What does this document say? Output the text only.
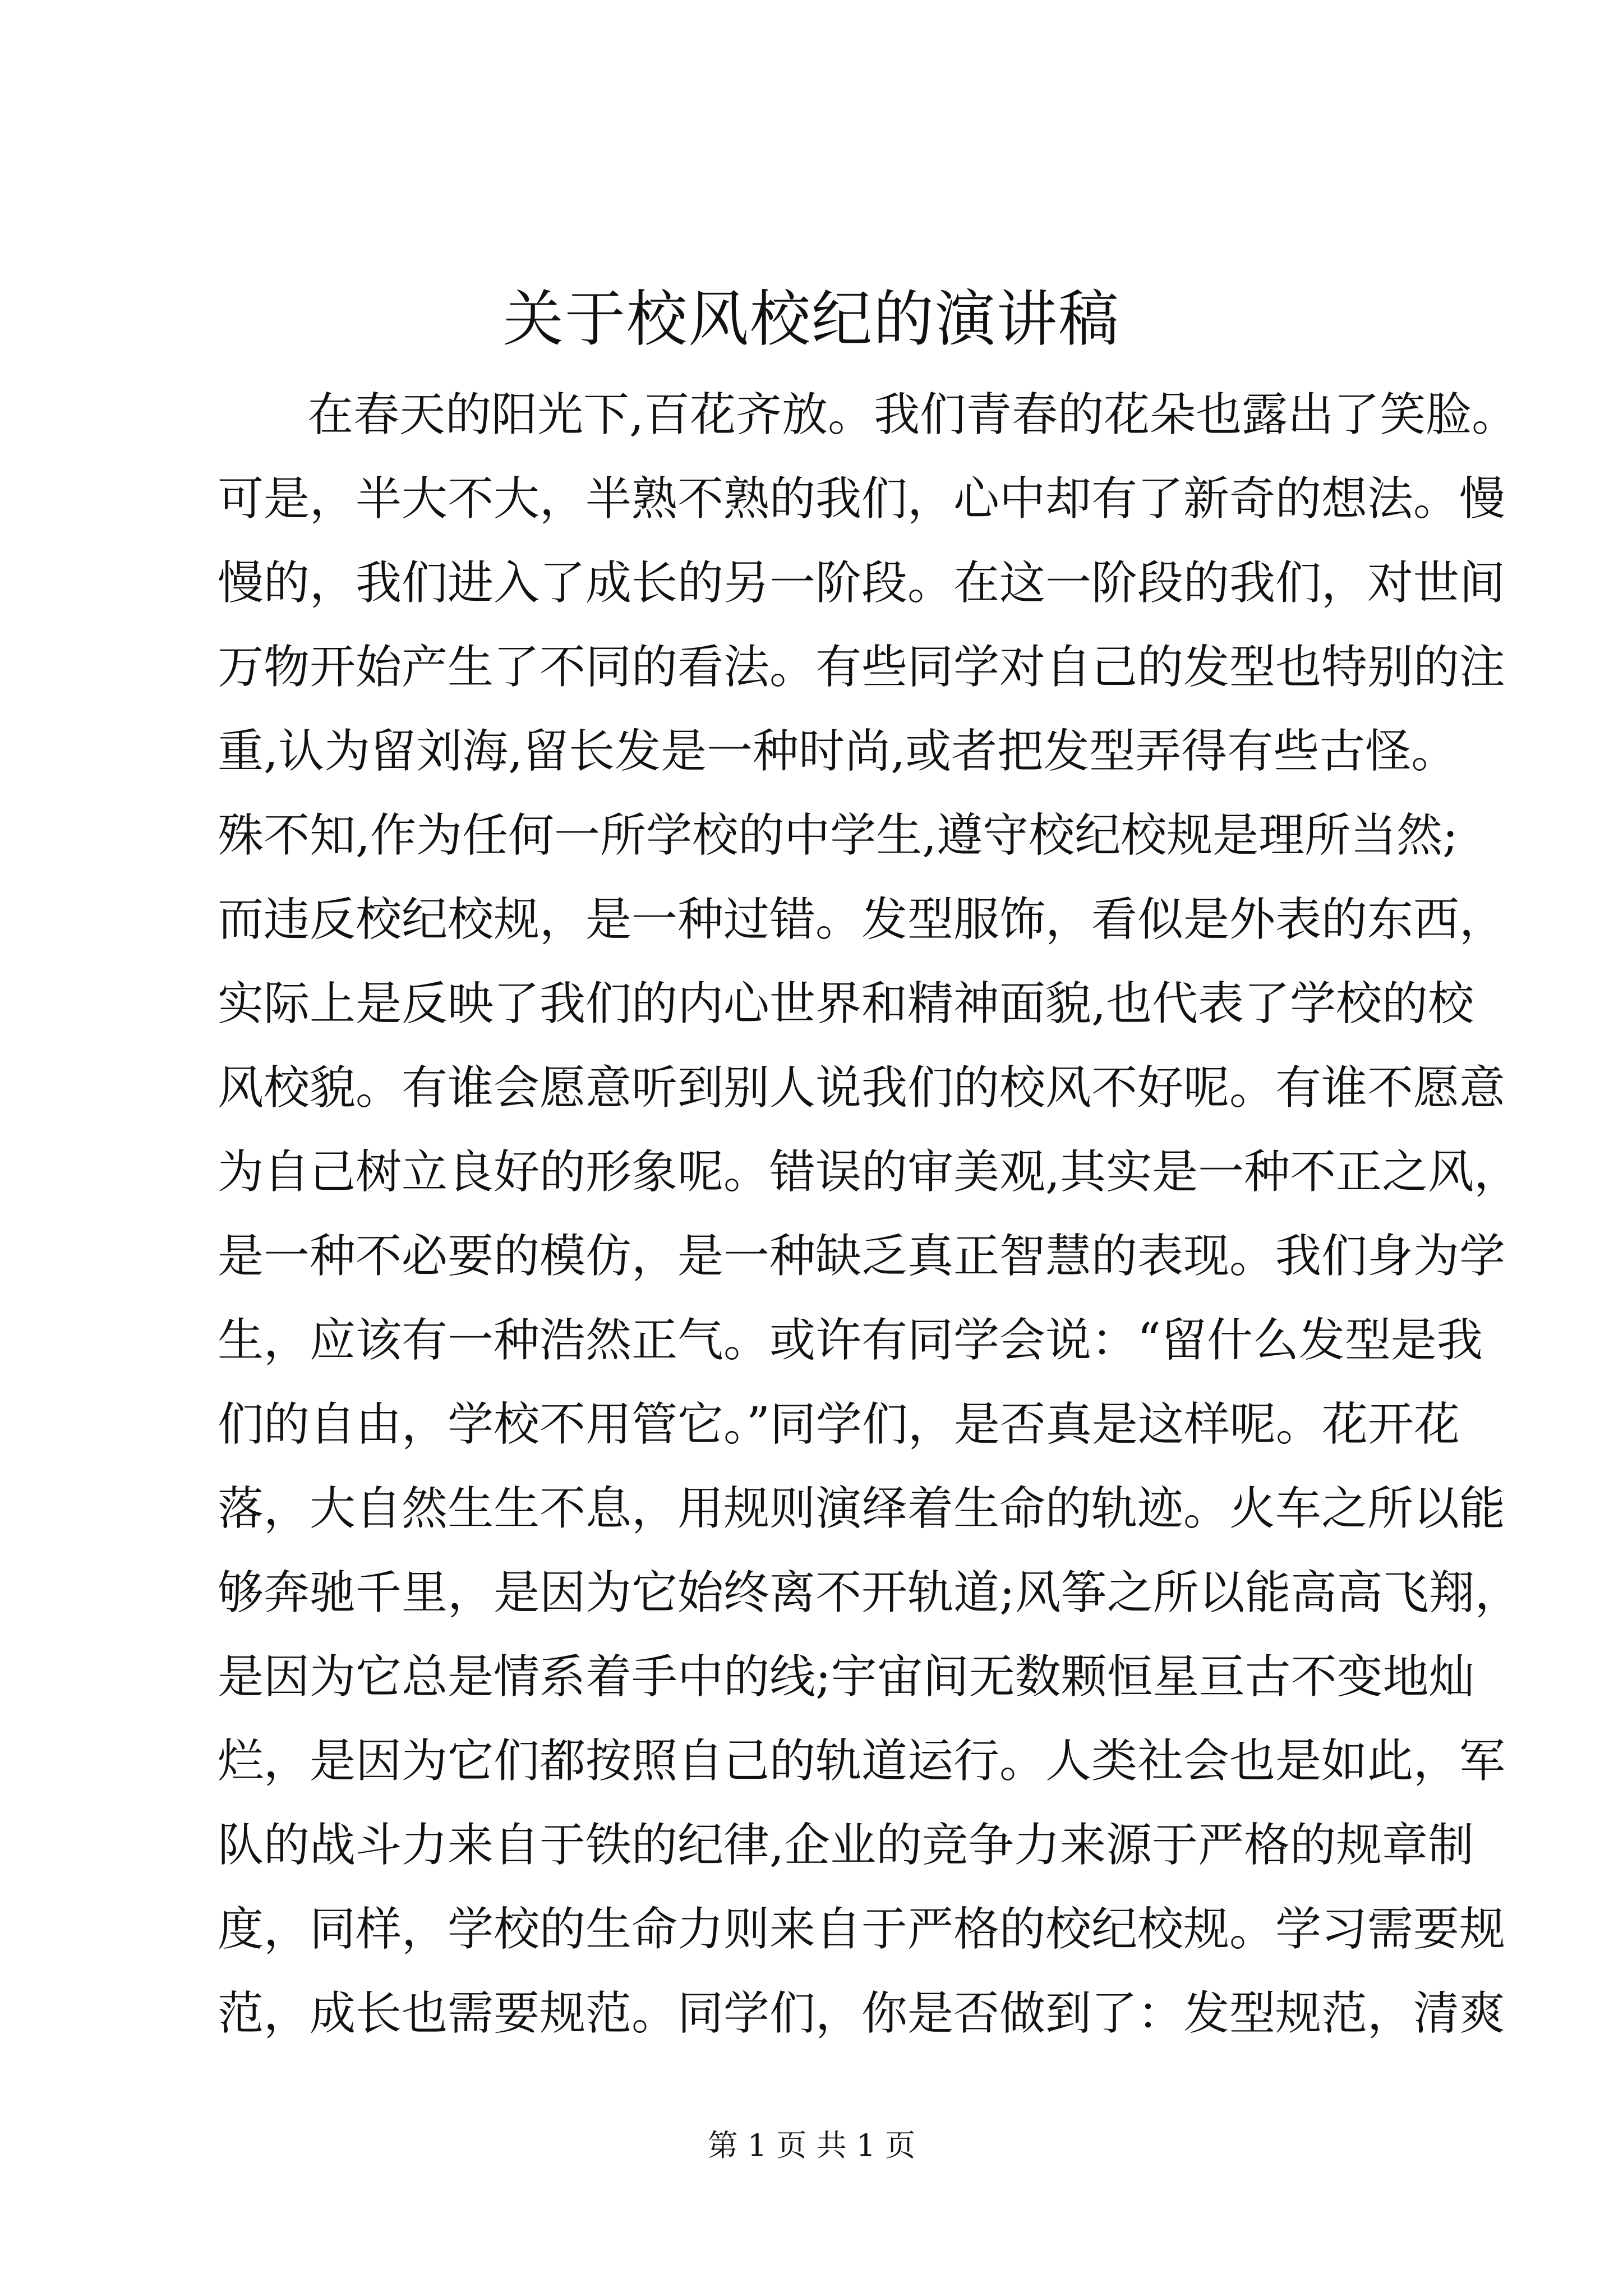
关于校风校纪的演讲稿
在春天的阳光下,百花齐放。我们青春的花朵也露出了笑脸。
可是，半大不大，半熟不熟的我们，心中却有了新奇的想法。慢
慢的，我们进入了成长的另一阶段。在这一阶段的我们，对世间
万物开始产生了不同的看法。有些同学对自己的发型也特别的注
重,认为留刘海,留长发是一种时尚,或者把发型弄得有些古怪。
殊不知,作为任何一所学校的中学生,遵守校纪校规是理所当然;
而违反校纪校规，是一种过错。发型服饰，看似是外表的东西，
实际上是反映了我们的内心世界和精神面貌,也代表了学校的校
风校貌。有谁会愿意听到别人说我们的校风不好呢。有谁不愿意
为自己树立良好的形象呢。错误的审美观,其实是一种不正之风，
是一种不必要的模仿，是一种缺乏真正智慧的表现。我们身为学
生，应该有一种浩然正气。或许有同学会说：“留什么发型是我
们的自由，学校不用管它。”同学们，是否真是这样呢。花开花
落，大自然生生不息，用规则演绎着生命的轨迹。火车之所以能
够奔驰千里，是因为它始终离不开轨道;风筝之所以能高高飞翔，
是因为它总是情系着手中的线;宇宙间无数颗恒星亘古不变地灿
烂，是因为它们都按照自己的轨道运行。人类社会也是如此，军
队的战斗力来自于铁的纪律,企业的竞争力来源于严格的规章制
度，同样，学校的生命力则来自于严格的校纪校规。学习需要规
范，成长也需要规范。同学们，你是否做到了：发型规范，清爽
第 1 页 共 1 页
